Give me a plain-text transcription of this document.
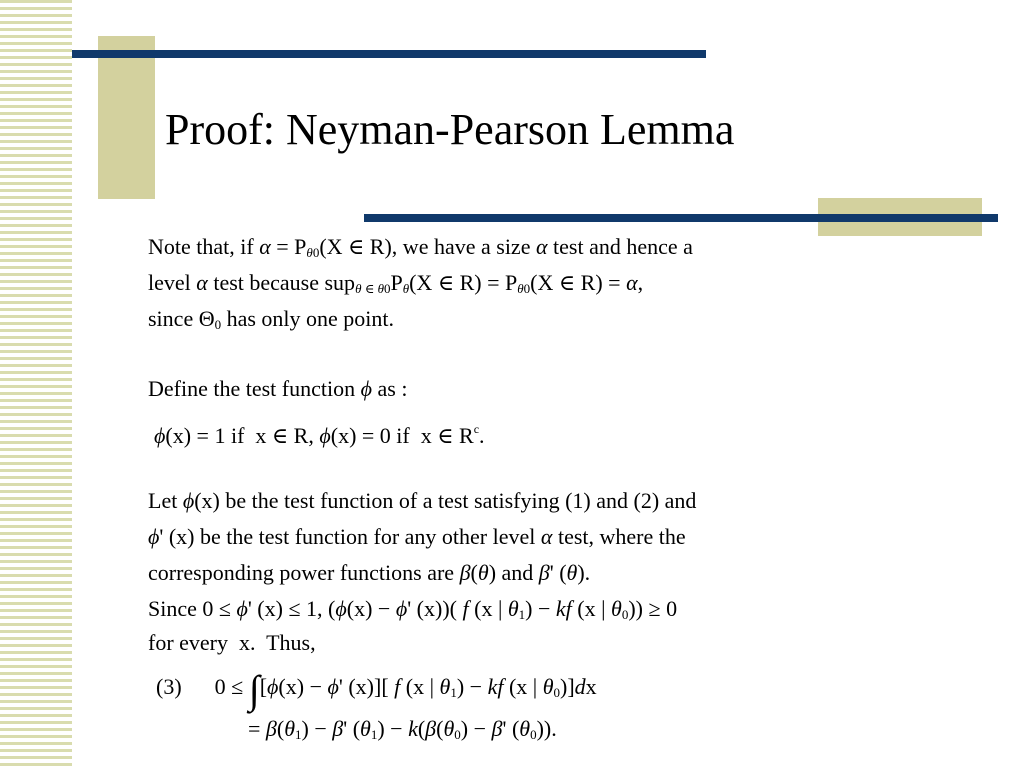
Proof: Neyman-Pearson Lemma
Note that, if $\alpha = P_{\theta 0}(X$ ∈ R), we have a size α test and hence a
level α test because $sup_{\theta \in \theta 0}P_\theta(X$ ∈ $R) = P_{\theta 0}(X$ ∈ R) = α,
since $\Theta_0$ has only one point.
Define the test function ϕ as :
ϕ(x) = 1 if  x ∈ R, ϕ(x) = 0 if  x ∈ $R^c$.
Let ϕ(x) be the test function of a test satisfying (1) and (2) and
ϕ' (x) be the test function for any other level α test, where the
corresponding power functions are β(θ) and β' (θ).
Since 0 ≤ ϕ' (x) ≤ 1, (ϕ(x) − ϕ' (x))( f (x | $\theta_1$) − kf (x | $\theta_0)) \ge 0$
for every  x.  Thus,
(3)      0 ≤ ∫[ϕ(x) − ϕ' (x)][ f (x | $\theta_1$) − kf (x | $\theta_0)]dx$
= $\beta(\theta_1) - \beta'$ $(\theta_1) - k(\beta(\theta_0) - \beta'$ $(\theta_0)$).
